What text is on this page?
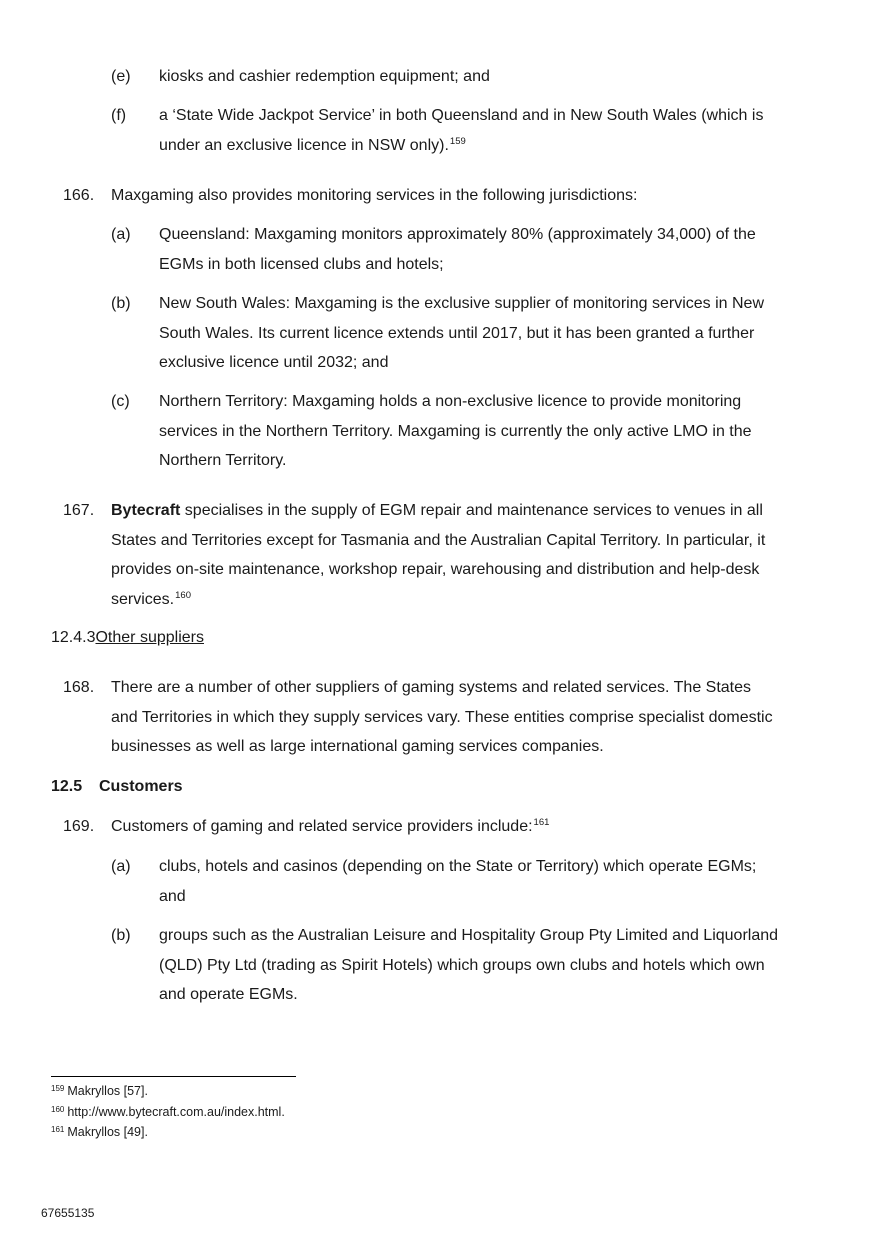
(e) kiosks and cashier redemption equipment; and
(f) a ‘State Wide Jackpot Service’ in both Queensland and in New South Wales (which is
under an exclusive licence in NSW only).$^{159}$
166. Maxgaming also provides monitoring services in the following jurisdictions:
(a) Queensland: Maxgaming monitors approximately 80% (approximately 34,000) of the
EGMs in both licensed clubs and hotels;
(b) New South Wales: Maxgaming is the exclusive supplier of monitoring services in New
South Wales. Its current licence extends until 2017, but it has been granted a further
exclusive licence until 2032; and
(c) Northern Territory: Maxgaming holds a non-exclusive licence to provide monitoring
services in the Northern Territory. Maxgaming is currently the only active LMO in the
Northern Territory.
167. Bytecraft specialises in the supply of EGM repair and maintenance services to venues in all
States and Territories except for Tasmania and the Australian Capital Territory. In particular, it
provides on-site maintenance, workshop repair, warehousing and distribution and help-desk
services.$^{160}$
12.4.3Other suppliers
168. There are a number of other suppliers of gaming systems and related services. The States
and Territories in which they supply services vary. These entities comprise specialist domestic
businesses as well as large international gaming services companies.
12.5 Customers
169. Customers of gaming and related service providers include:$^{161}$
(a) clubs, hotels and casinos (depending on the State or Territory) which operate EGMs;
and
(b) groups such as the Australian Leisure and Hospitality Group Pty Limited and Liquorland
(QLD) Pty Ltd (trading as Spirit Hotels) which groups own clubs and hotels which own
and operate EGMs.
$^{159}$ Makryllos [57].
$^{160}$ http://www.bytecraft.com.au/index.html.
$^{161}$ Makryllos [49].
67655135
